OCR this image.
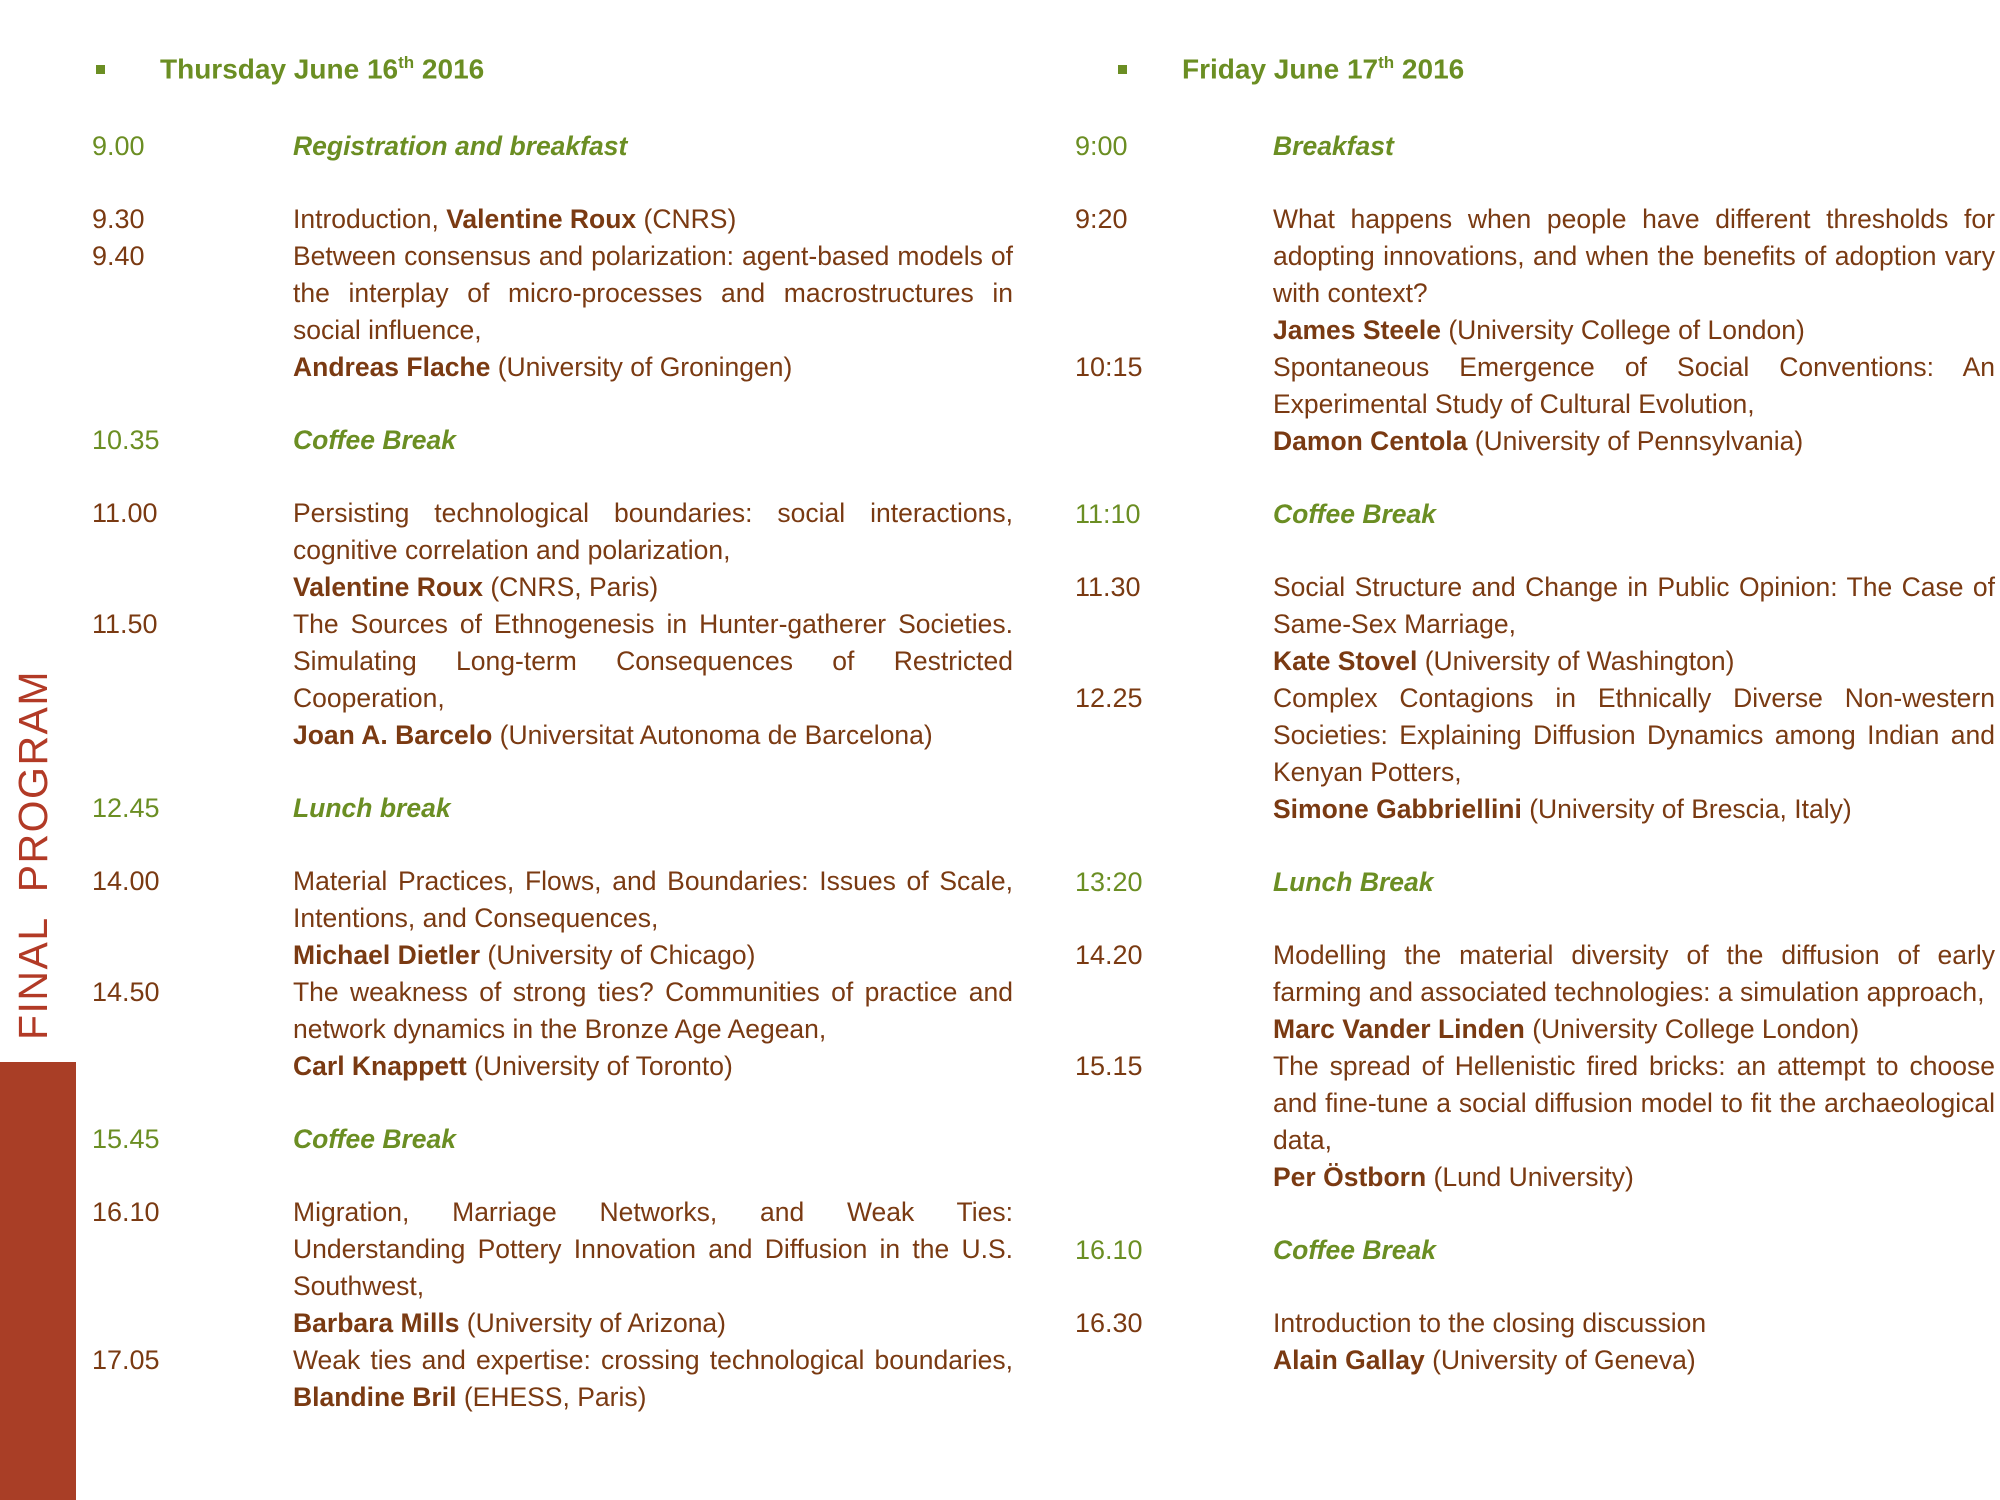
FINALPROGRAM
Thursday June 16th 2016
9.00	Registration and breakfast
9.30	Introduction, Valentine Roux (CNRS)
9.40	Between consensus and polarization: agent-based models of the interplay of micro-processes and macrostructures in social influence,
Andreas Flache (University of Groningen)
10.35	Coffee Break
11.00	Persisting technological boundaries: social interactions, cognitive correlation and polarization,
Valentine Roux (CNRS, Paris)
11.50	The Sources of Ethnogenesis in Hunter-gatherer Societies. Simulating Long-term Consequences of Restricted Cooperation,
Joan A. Barcelo (Universitat Autonoma de Barcelona)
12.45	Lunch break
14.00	Material Practices, Flows, and Boundaries: Issues of Scale, Intentions, and Consequences,
Michael Dietler (University of Chicago)
14.50	The weakness of strong ties? Communities of practice and network dynamics in the Bronze Age Aegean,
Carl Knappett (University of Toronto)
15.45	Coffee Break
16.10	Migration, Marriage Networks, and Weak Ties: Understanding Pottery Innovation and Diffusion in the U.S. Southwest,
Barbara Mills (University of Arizona)
17.05	Weak ties and expertise: crossing technological boundaries, Blandine Bril (EHESS, Paris)
Friday June 17th 2016
9:00	Breakfast
9:20	What happens when people have different thresholds for adopting innovations, and when the benefits of adoption vary with context?
James Steele (University College of London)
10:15	Spontaneous Emergence of Social Conventions: An Experimental Study of Cultural Evolution,
Damon Centola (University of Pennsylvania)
11:10	Coffee Break
11.30	Social Structure and Change in Public Opinion: The Case of Same-Sex Marriage,
Kate Stovel (University of Washington)
12.25	Complex Contagions in Ethnically Diverse Non-western Societies: Explaining Diffusion Dynamics among Indian and Kenyan Potters,
Simone Gabbriellini (University of Brescia, Italy)
13:20	Lunch Break
14.20	Modelling the material diversity of the diffusion of early farming and associated technologies: a simulation approach,
Marc Vander Linden (University College London)
15.15	The spread of Hellenistic fired bricks: an attempt to choose and fine-tune a social diffusion model to fit the archaeological data,
Per Östborn (Lund University)
16.10	Coffee Break
16.30	Introduction to the closing discussion
Alain Gallay (University of Geneva)
